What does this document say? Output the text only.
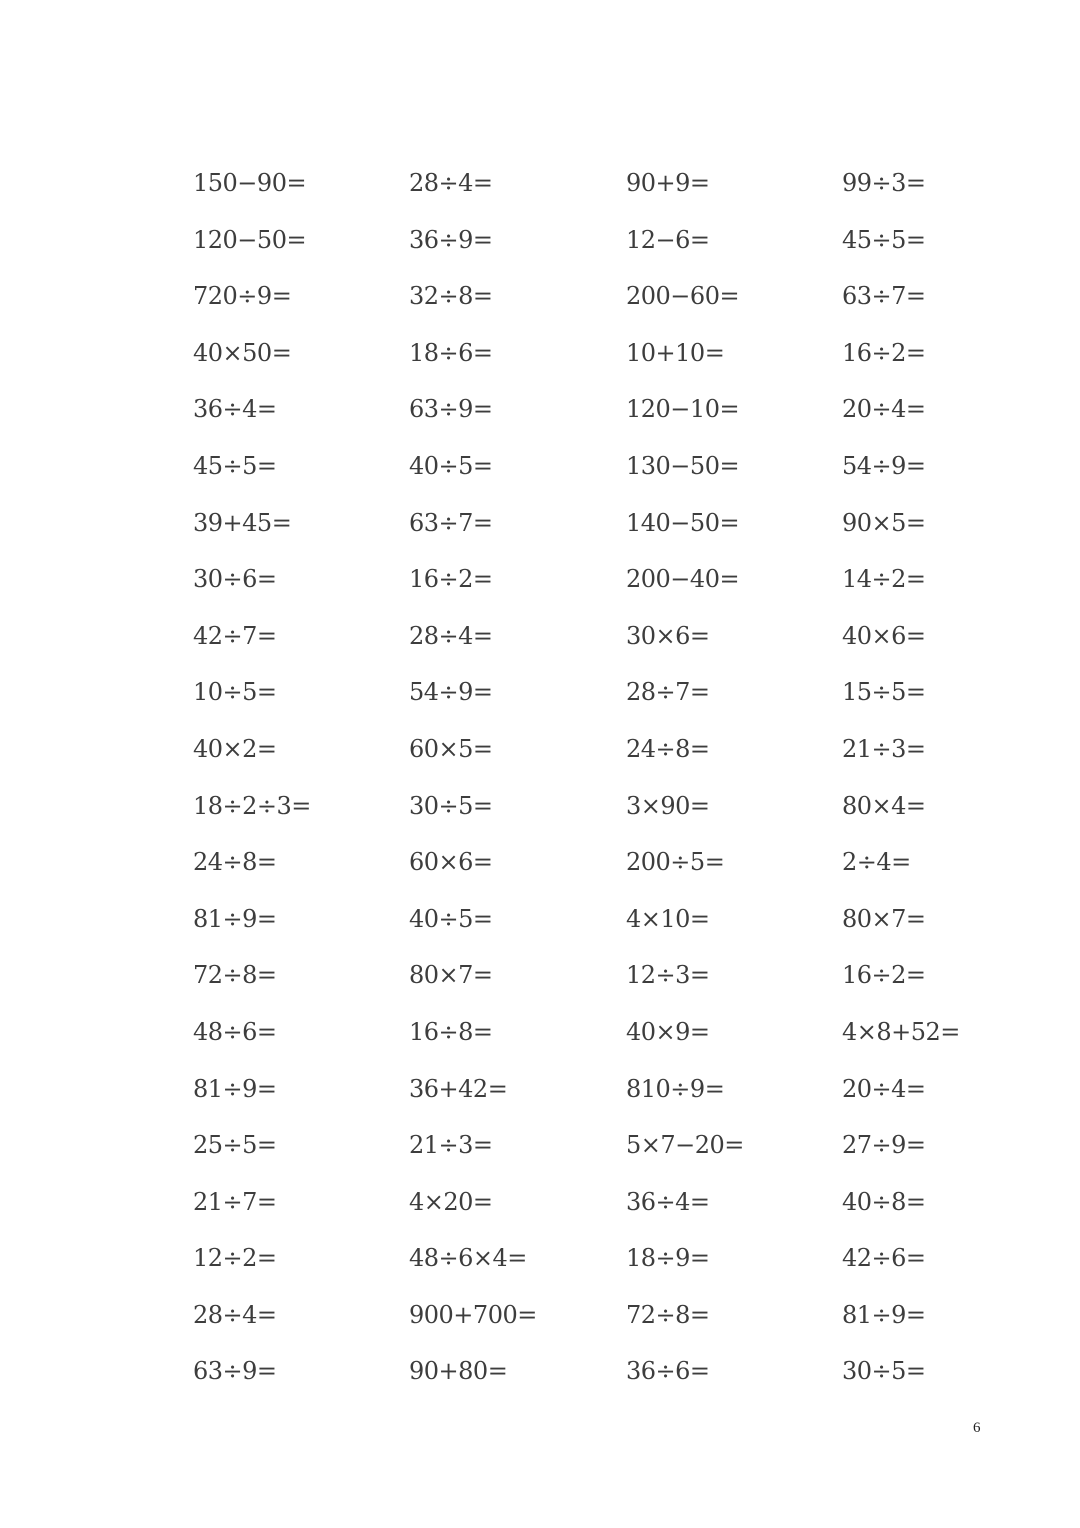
150−90=	28÷4=	90+9=	99÷3=
120−50=	36÷9=	12−6=	45÷5=
720÷9=	32÷8=	200−60=	63÷7=
40×50=	18÷6=	10+10=	16÷2=
36÷4=	63÷9=	120−10=	20÷4=
45÷5=	40÷5=	130−50=	54÷9=
39+45=	63÷7=	140−50=	90×5=
30÷6=	16÷2=	200−40=	14÷2=
42÷7=	28÷4=	30×6=	40×6=
10÷5=	54÷9=	28÷7=	15÷5=
40×2=	60×5=	24÷8=	21÷3=
18÷2÷3=	30÷5=	3×90=	80×4=
24÷8=	60×6=	200÷5=	2÷4=
81÷9=	40÷5=	4×10=	80×7=
72÷8=	80×7=	12÷3=	16÷2=
48÷6=	16÷8=	40×9=	4×8+52=
81÷9=	36+42=	810÷9=	20÷4=
25÷5=	21÷3=	5×7−20=	27÷9=
21÷7=	4×20=	36÷4=	40÷8=
12÷2=	48÷6×4=	18÷9=	42÷6=
28÷4=	900+700=	72÷8=	81÷9=
63÷9=	90+80=	36÷6=	30÷5=
6
